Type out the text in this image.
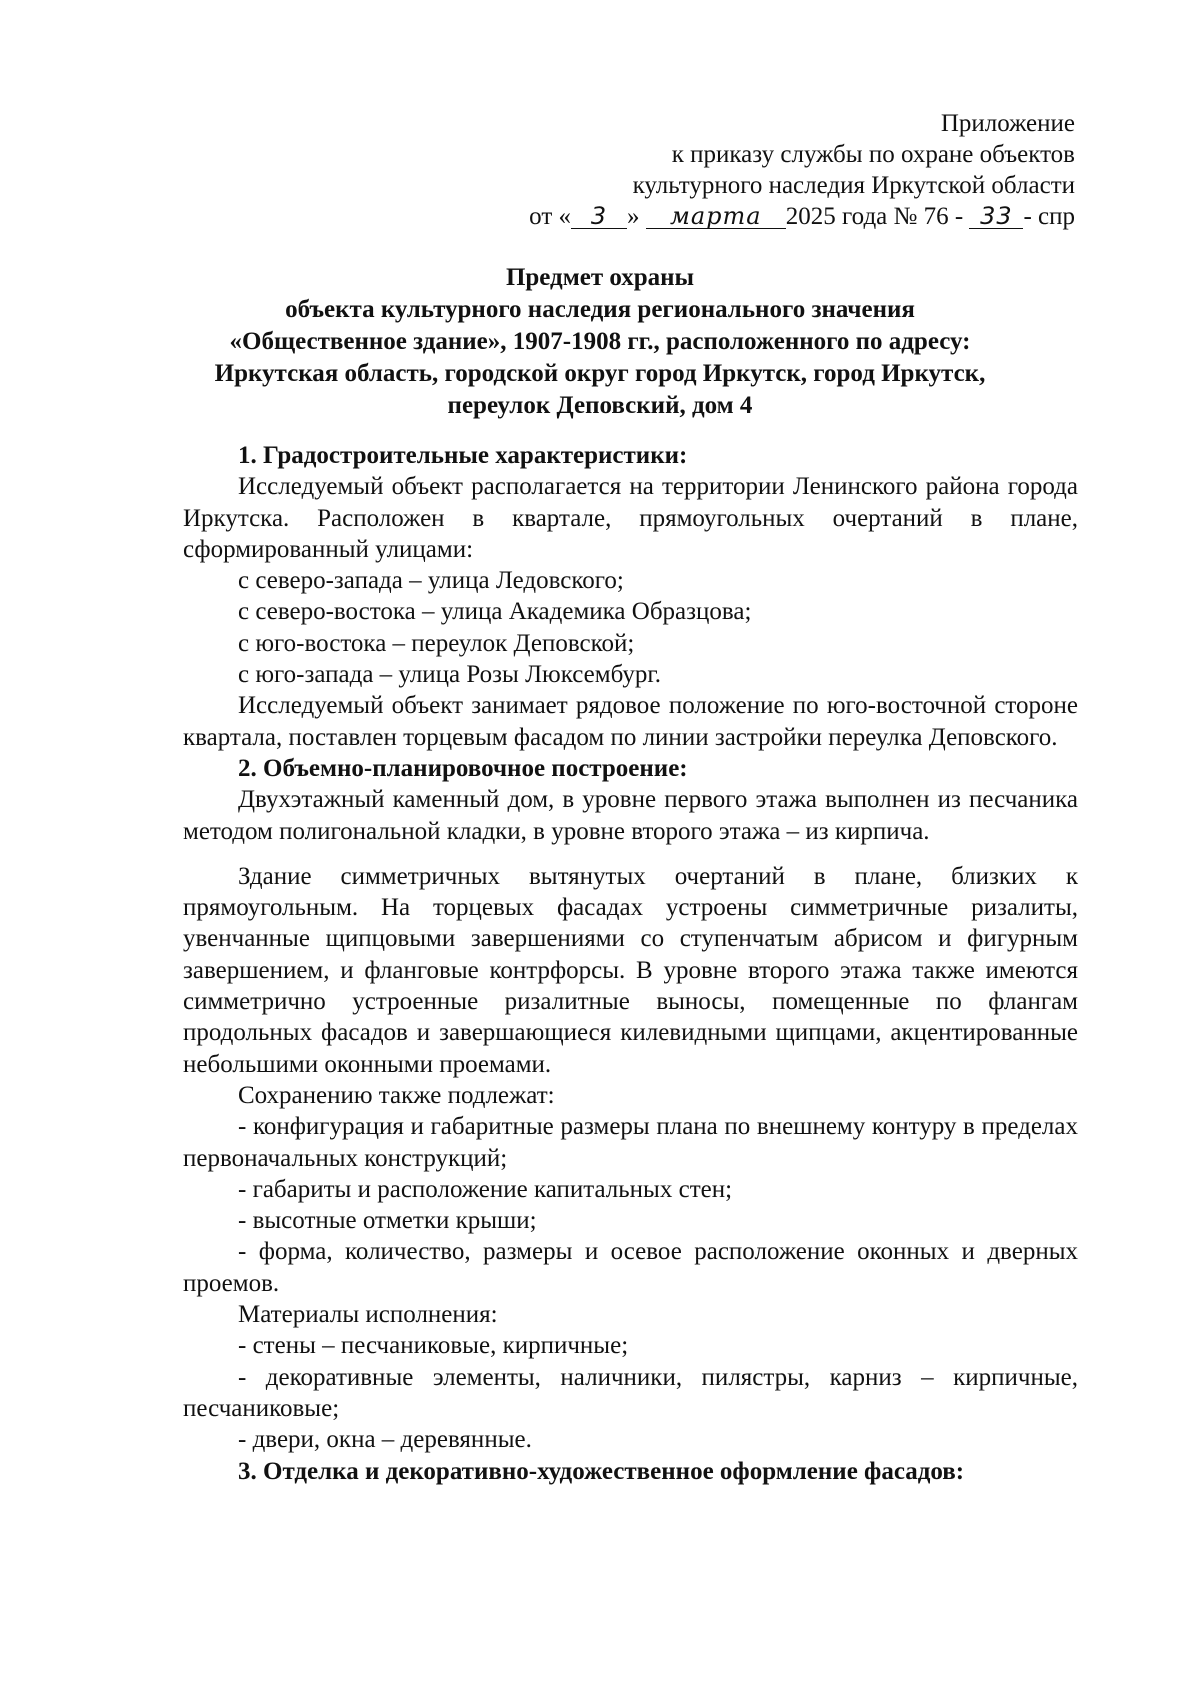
Приложение
к приказу службы по охране объектов
культурного наследия Иркутской области
от « 3 » марта 2025 года № 76 - 33 - спр
Предмет охраны
объекта культурного наследия регионального значения
«Общественное здание», 1907-1908 гг., расположенного по адресу:
Иркутская область, городской округ город Иркутск, город Иркутск,
переулок Деповский, дом 4

1. Градостроительные характеристики:

Исследуемый объект располагается на территории Ленинского района города Иркутска. Расположен в квартале, прямоугольных очертаний в плане, сформированный улицами:

с северо-запада – улица Ледовского;

с северо-востока – улица Академика Образцова;

с юго-востока – переулок Деповской;

с юго-запада – улица Розы Люксембург.

Исследуемый объект занимает рядовое положение по юго-восточной стороне квартала, поставлен торцевым фасадом по линии застройки переулка Деповского.

2. Объемно-планировочное построение:

Двухэтажный каменный дом, в уровне первого этажа выполнен из песчаника методом полигональной кладки, в уровне второго этажа – из кирпича.

Здание симметричных вытянутых очертаний в плане, близких к прямоугольным. На торцевых фасадах устроены симметричные ризалиты, увенчанные щипцовыми завершениями со ступенчатым абрисом и фигурным завершением, и фланговые контрфорсы. В уровне второго этажа также имеются симметрично устроенные ризалитные выносы, помещенные по флангам продольных фасадов и завершающиеся килевидными щипцами, акцентированные небольшими оконными проемами.

Сохранению также подлежат:

- конфигурация и габаритные размеры плана по внешнему контуру в пределах первоначальных конструкций;

- габариты и расположение капитальных стен;

- высотные отметки крыши;

- форма, количество, размеры и осевое расположение оконных и дверных проемов.

Материалы исполнения:

- стены – песчаниковые, кирпичные;

- декоративные элементы, наличники, пилястры, карниз – кирпичные, песчаниковые;

- двери, окна – деревянные.

3. Отделка и декоративно-художественное оформление фасадов:
